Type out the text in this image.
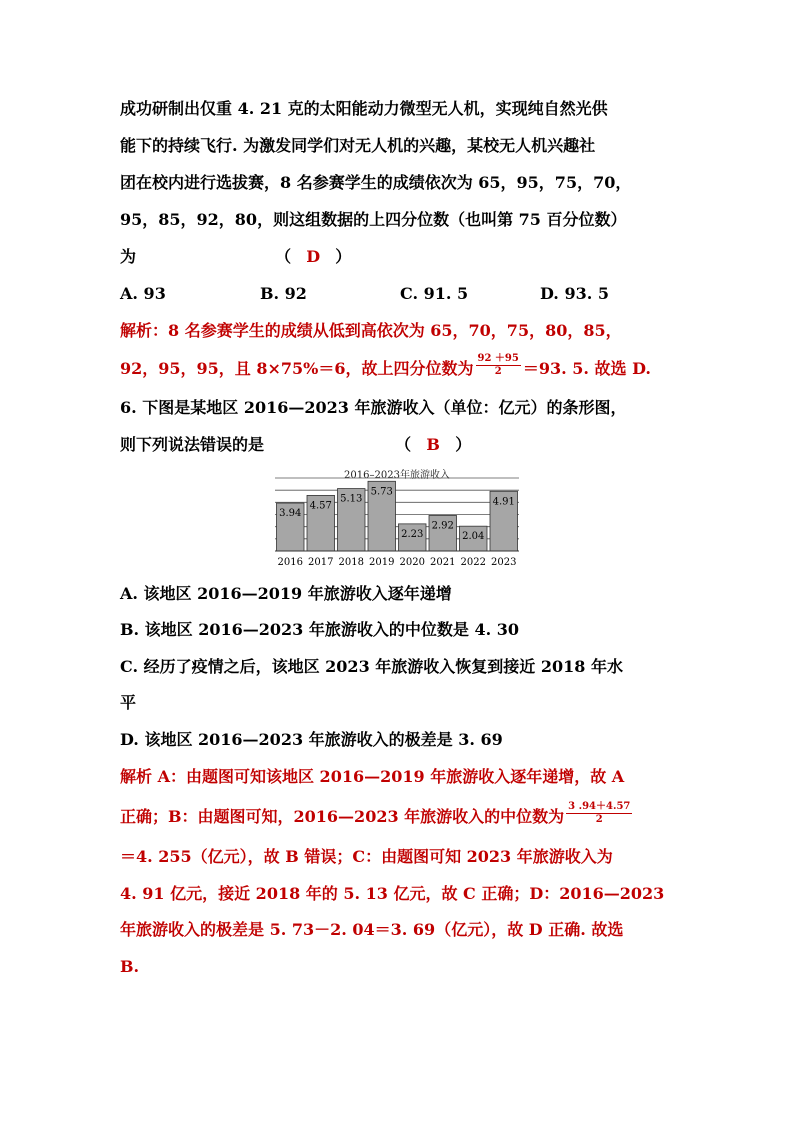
成功研制出仅重 4. 21 克的太阳能动力微型无人机，实现纯自然光供
能下的持续飞行. 为激发同学们对无人机的兴趣，某校无人机兴趣社
团在校内进行选拔赛，8 名参赛学生的成绩依次为 65，95，75，70，
95，85，92，80，则这组数据的上四分位数（也叫第 75 百分位数）
为	（ D ）
A. 93	B. 92	C. 91. 5	D. 93. 5
解析：8 名参赛学生的成绩从低到高依次为 65，70，75，80，85，
92，95，95，且 8×75%＝6，故上四分位数为 $\frac{92 +95}{2} =93$. 5. 故选 D.
6. 下图是某地区 2016—2023 年旅游收入（单位：亿元）的条形图，
则下列说法错误的是	（ B ）
2016–2023年旅游收入
3.94
2016
4.57
2017
5.13
2018
5.73
2019
2.23
2020
2.92
2021
2.04
2022
4.91
2023
A. 该地区 2016—2019 年旅游收入逐年递增
B. 该地区 2016—2023 年旅游收入的中位数是 4. 30
C. 经历了疫情之后，该地区 2023 年旅游收入恢复到接近 2018 年水
平
D. 该地区 2016—2023 年旅游收入的极差是 3. 69
解析 A：由题图可知该地区 2016—2019 年旅游收入逐年递增，故 A
正确；B：由题图可知，2016—2023 年旅游收入的中位数为 $\frac{3 .94+4.57}{2}$
＝4. 255（亿元），故 B 错误；C：由题图可知 2023 年旅游收入为
4. 91 亿元，接近 2018 年的 5. 13 亿元，故 C 正确；D：2016—2023
年旅游收入的极差是 5. 73－2. 04＝3. 69（亿元），故 D 正确. 故选
B.
